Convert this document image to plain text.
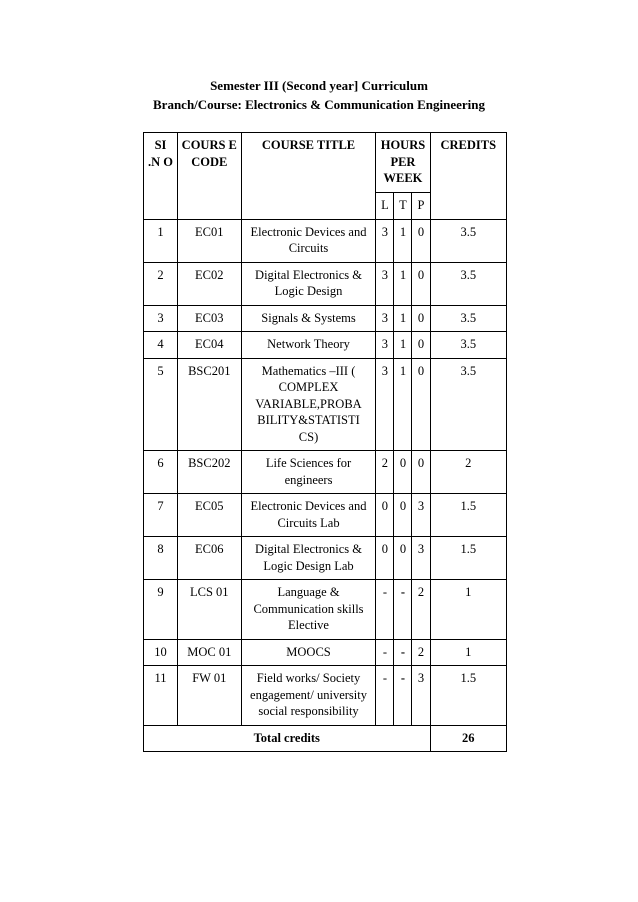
Semester III (Second year] Curriculum
Branch/Course: Electronics & Communication Engineering
SI .N O	COURS E CODE	COURSE TITLE	HOURS PER WEEK			CREDITS
			L	T	P	
1	EC01	Electronic Devices and Circuits	3	1	0	3.5
2	EC02	Digital Electronics & Logic Design	3	1	0	3.5
3	EC03	Signals & Systems	3	1	0	3.5
4	EC04	Network Theory	3	1	0	3.5
5	BSC201	Mathematics –III ( COMPLEX VARIABLE,PROBA BILITY&STATISTI CS)	3	1	0	3.5
6	BSC202	Life Sciences for engineers	2	0	0	2
7	EC05	Electronic Devices and Circuits Lab	0	0	3	1.5
8	EC06	Digital Electronics & Logic Design Lab	0	0	3	1.5
9	LCS 01	Language & Communication skills Elective	-	-	2	1
10	MOC 01	MOOCS	-	-	2	1
11	FW 01	Field works/ Society engagement/ university social responsibility	-	-	3	1.5
Total credits						26
